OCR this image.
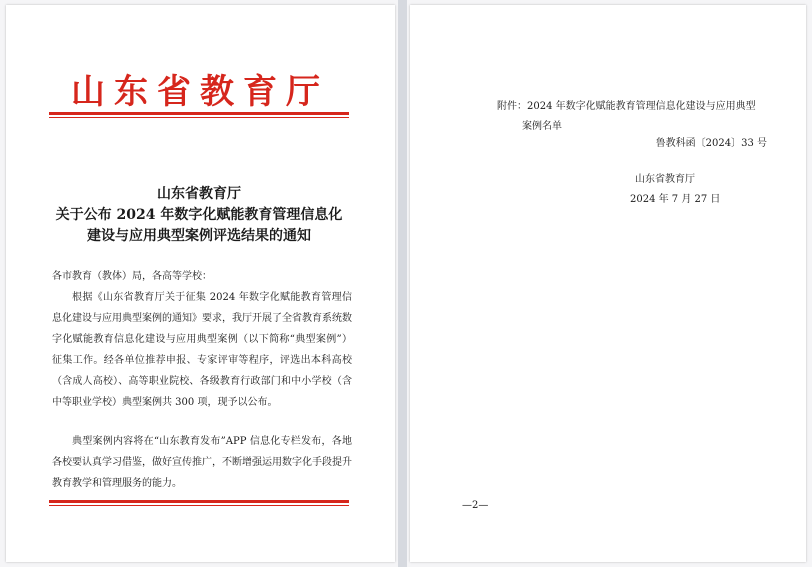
山东省教育厅
鲁教科函〔2024〕33 号
山东省教育厅
关于公布 2024 年数字化赋能教育管理信息化
建设与应用典型案例评选结果的通知
各市教育（教体）局，各高等学校：
根据《山东省教育厅关于征集 2024 年数字化赋能教育管理信息化建设与应用典型案例的通知》要求，我厅开展了全省教育系统数字化赋能教育信息化建设与应用典型案例（以下简称“典型案例”）征集工作。经各单位推荐申报、专家评审等程序，评选出本科高校（含成人高校）、高等职业院校、各级教育行政部门和中小学校（含中等职业学校）典型案例共 300 项，现予以公布。
典型案例内容将在“山东教育发布”APP 信息化专栏发布，各地各校要认真学习借鉴，做好宣传推广，不断增强运用数字化手段提升教育教学和管理服务的能力。
附件：2024 年数字化赋能教育管理信息化建设与应用典型
案例名单
山东省教育厅
2024 年 7 月 27 日
—2—
